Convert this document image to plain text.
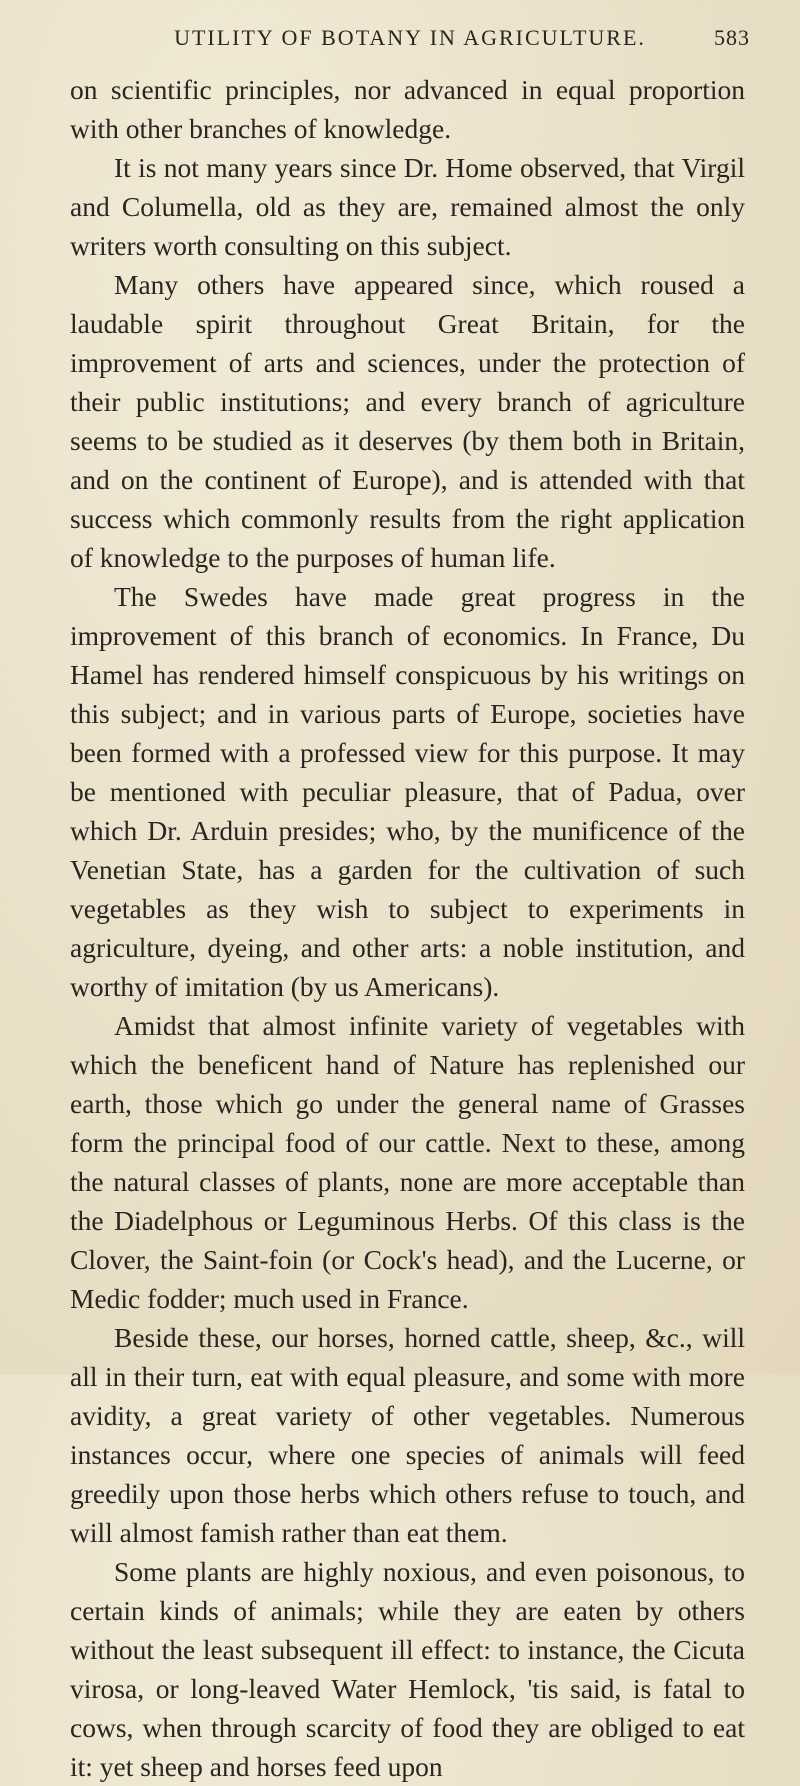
UTILITY OF BOTANY IN AGRICULTURE.	583

on scientific principles, nor advanced in equal proportion with other branches of knowledge.

It is not many years since Dr. Home observed, that Virgil and Columella, old as they are, remained almost the only writers worth consulting on this subject.

Many others have appeared since, which roused a laudable spirit throughout Great Britain, for the improvement of arts and sciences, under the protection of their public institutions; and every branch of agriculture seems to be studied as it deserves (by them both in Britain, and on the continent of Europe), and is attended with that success which commonly results from the right application of knowledge to the purposes of human life.

The Swedes have made great progress in the improvement of this branch of economics. In France, Du Hamel has rendered himself conspicuous by his writings on this subject; and in various parts of Europe, societies have been formed with a professed view for this purpose. It may be mentioned with peculiar pleasure, that of Padua, over which Dr. Arduin presides; who, by the munificence of the Venetian State, has a garden for the cultivation of such vegetables as they wish to subject to experiments in agriculture, dyeing, and other arts: a noble institution, and worthy of imitation (by us Americans).

Amidst that almost infinite variety of vegetables with which the beneficent hand of Nature has replenished our earth, those which go under the general name of Grasses form the principal food of our cattle. Next to these, among the natural classes of plants, none are more acceptable than the Diadelphous or Leguminous Herbs. Of this class is the Clover, the Saint-foin (or Cock's head), and the Lucerne, or Medic fodder; much used in France.

Beside these, our horses, horned cattle, sheep, &c., will all in their turn, eat with equal pleasure, and some with more avidity, a great variety of other vegetables. Numerous instances occur, where one species of animals will feed greedily upon those herbs which others refuse to touch, and will almost famish rather than eat them.

Some plants are highly noxious, and even poisonous, to certain kinds of animals; while they are eaten by others without the least subsequent ill effect: to instance, the Cicuta virosa, or long-leaved Water Hemlock, 'tis said, is fatal to cows, when through scarcity of food they are obliged to eat it: yet sheep and horses feed upon
